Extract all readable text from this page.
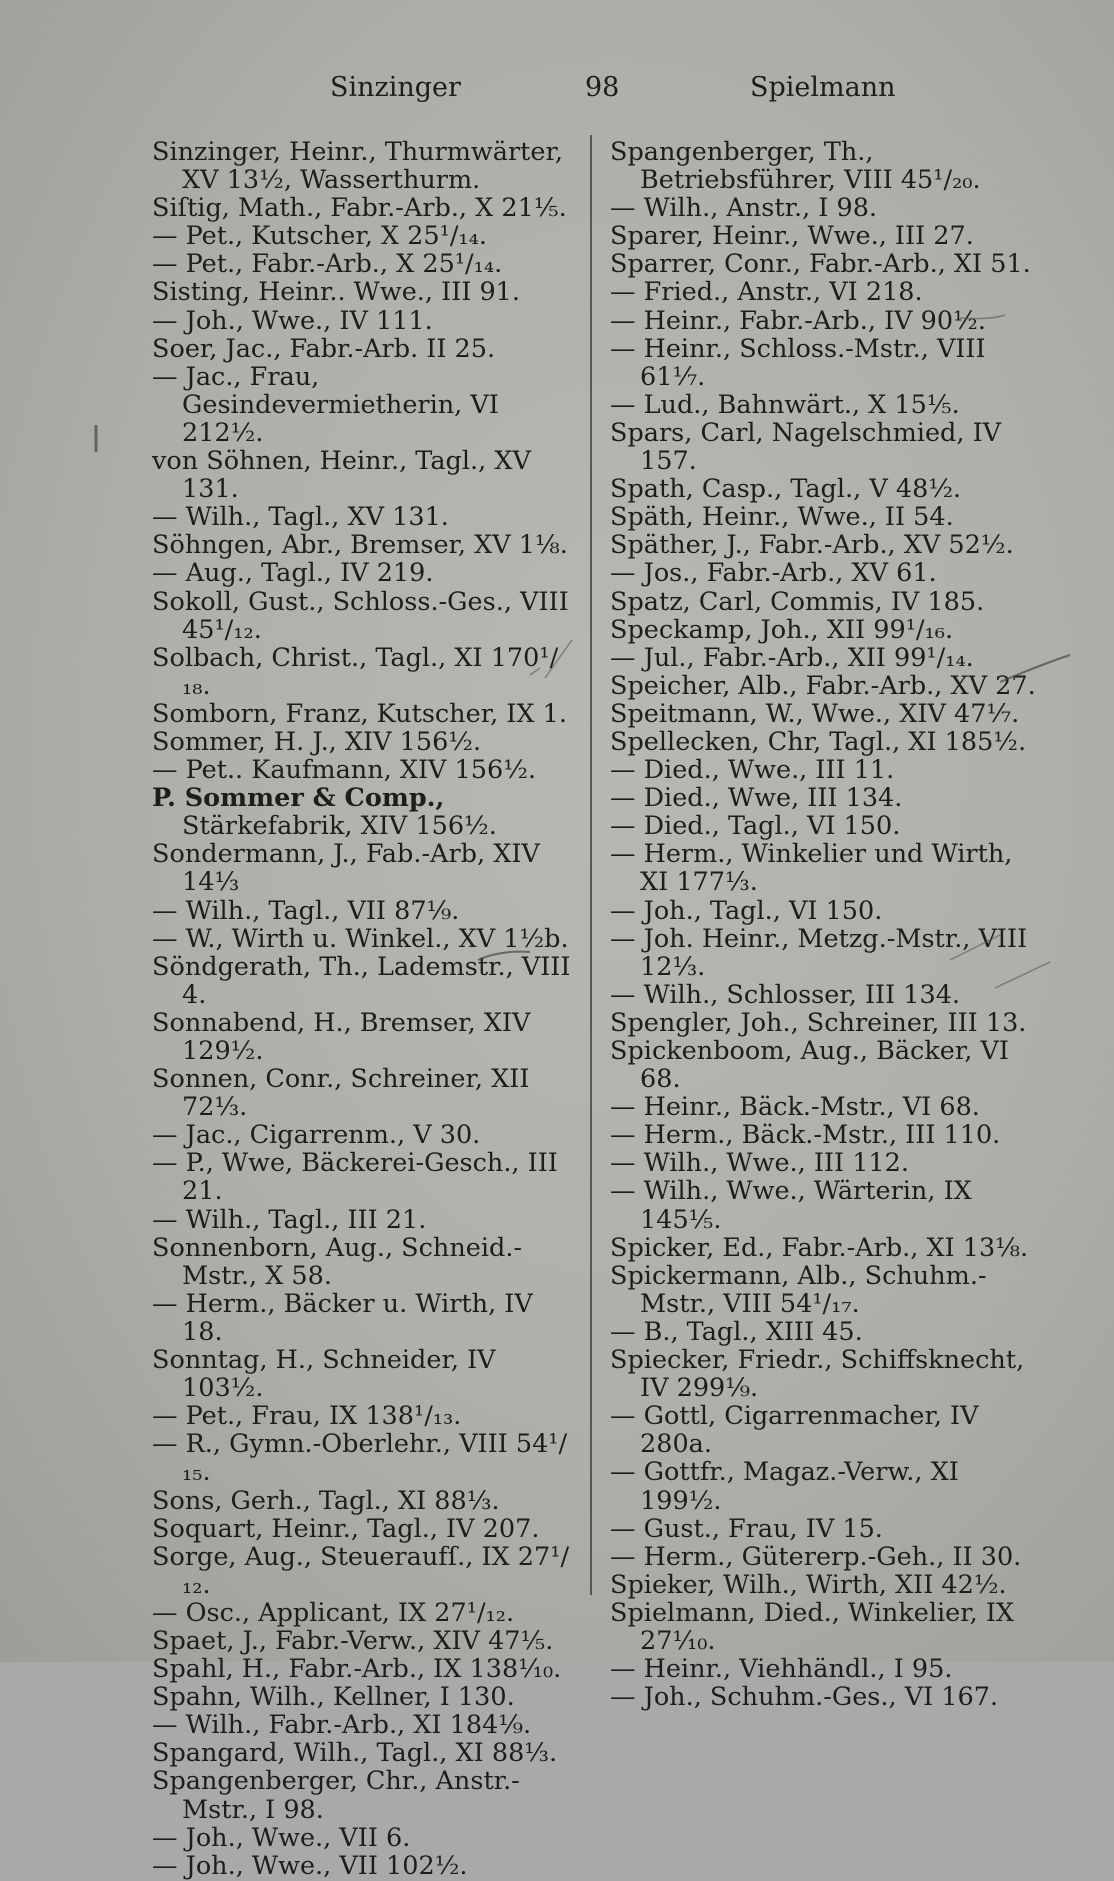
Sinzinger	98	Spielmann

Sinzinger, Heinr., Thurmwärter, XV 13½, Wasserthurm.

Siſtig, Math., Fabr.-Arb., X 21⅕.

— Pet., Kutscher, X 25¹/₁₄.

— Pet., Fabr.-Arb., X 25¹/₁₄.

Sisting, Heinr.. Wwe., III 91.

— Joh., Wwe., IV 111.

Soer, Jac., Fabr.-Arb. II 25.

— Jac., Frau, Gesindevermietherin, VI 212½.

von Söhnen, Heinr., Tagl., XV 131.

— Wilh., Tagl., XV 131.

Söhngen, Abr., Bremser, XV 1⅛.

— Aug., Tagl., IV 219.

Sokoll, Gust., Schloss.-Ges., VIII 45¹/₁₂.

Solbach, Christ., Tagl., XI 170¹/₁₈.

Somborn, Franz, Kutscher, IX 1.

Sommer, H. J., XIV 156½.

— Pet.. Kaufmann, XIV 156½.

P. Sommer & Comp., Stärkefabrik, XIV 156½.

Sondermann, J., Fab.-Arb, XIV 14⅓

— Wilh., Tagl., VII 87⅑.

— W., Wirth u. Winkel., XV 1½b.

Söndgerath, Th., Lademstr., VIII 4.

Sonnabend, H., Bremser, XIV 129½.

Sonnen, Conr., Schreiner, XII 72⅓.

— Jac., Cigarrenm., V 30.

— P., Wwe, Bäckerei-Gesch., III 21.

— Wilh., Tagl., III 21.

Sonnenborn, Aug., Schneid.-Mstr., X 58.

— Herm., Bäcker u. Wirth, IV 18.

Sonntag, H., Schneider, IV 103½.

— Pet., Frau, IX 138¹/₁₃.

— R., Gymn.-Oberlehr., VIII 54¹/₁₅.

Sons, Gerh., Tagl., XI 88⅓.

Soquart, Heinr., Tagl., IV 207.

Sorge, Aug., Steueraufſ., IX 27¹/₁₂.

— Osc., Applicant, IX 27¹/₁₂.

Spaet, J., Fabr.-Verw., XIV 47⅕.

Spahl, H., Fabr.-Arb., IX 138⅒.

Spahn, Wilh., Kellner, I 130.

— Wilh., Fabr.-Arb., XI 184⅑.

Spangard, Wilh., Tagl., XI 88⅓.

Spangenberger, Chr., Anstr.-Mstr., I 98.

— Joh., Wwe., VII 6.

— Joh., Wwe., VII 102½.

Spangenberger, Th., Betriebsführer, VIII 45¹/₂₀.

— Wilh., Anstr., I 98.

Sparer, Heinr., Wwe., III 27.

Sparrer, Conr., Fabr.-Arb., XI 51.

— Fried., Anstr., VI 218.

— Heinr., Fabr.-Arb., IV 90½.

— Heinr., Schloss.-Mstr., VIII 61⅐.

— Lud., Bahnwärt., X 15⅕.

Spars, Carl, Nagelschmied, IV 157.

Spath, Casp., Tagl., V 48½.

Späth, Heinr., Wwe., II 54.

Späther, J., Fabr.-Arb., XV 52½.

— Jos., Fabr.-Arb., XV 61.

Spatz, Carl, Commis, IV 185.

Speckamp, Joh., XII 99¹/₁₆.

— Jul., Fabr.-Arb., XII 99¹/₁₄.

Speicher, Alb., Fabr.-Arb., XV 27.

Speitmann, W., Wwe., XIV 47⅐.

Spellecken, Chr, Tagl., XI 185½.

— Died., Wwe., III 11.

— Died., Wwe, III 134.

— Died., Tagl., VI 150.

— Herm., Winkelier und Wirth, XI 177⅓.

— Joh., Tagl., VI 150.

— Joh. Heinr., Metzg.-Mstr., VIII 12⅓.

— Wilh., Schlosser, III 134.

Spengler, Joh., Schreiner, III 13.

Spickenboom, Aug., Bäcker, VI 68.

— Heinr., Bäck.-Mstr., VI 68.

— Herm., Bäck.-Mstr., III 110.

— Wilh., Wwe., III 112.

— Wilh., Wwe., Wärterin, IX 145⅕.

Spicker, Ed., Fabr.-Arb., XI 13⅛.

Spickermann, Alb., Schuhm.-Mstr., VIII 54¹/₁₇.

— B., Tagl., XIII 45.

Spiecker, Friedr., Schiffsknecht, IV 299⅑.

— Gottl, Cigarrenmacher, IV 280a.

— Gottfr., Magaz.-Verw., XI 199½.

— Gust., Frau, IV 15.

— Herm., Gütererp.-Geh., II 30.

Spieker, Wilh., Wirth, XII 42½.

Spielmann, Died., Winkelier, IX 27⅒.

— Heinr., Viehhändl., I 95.

— Joh., Schuhm.-Ges., VI 167.
